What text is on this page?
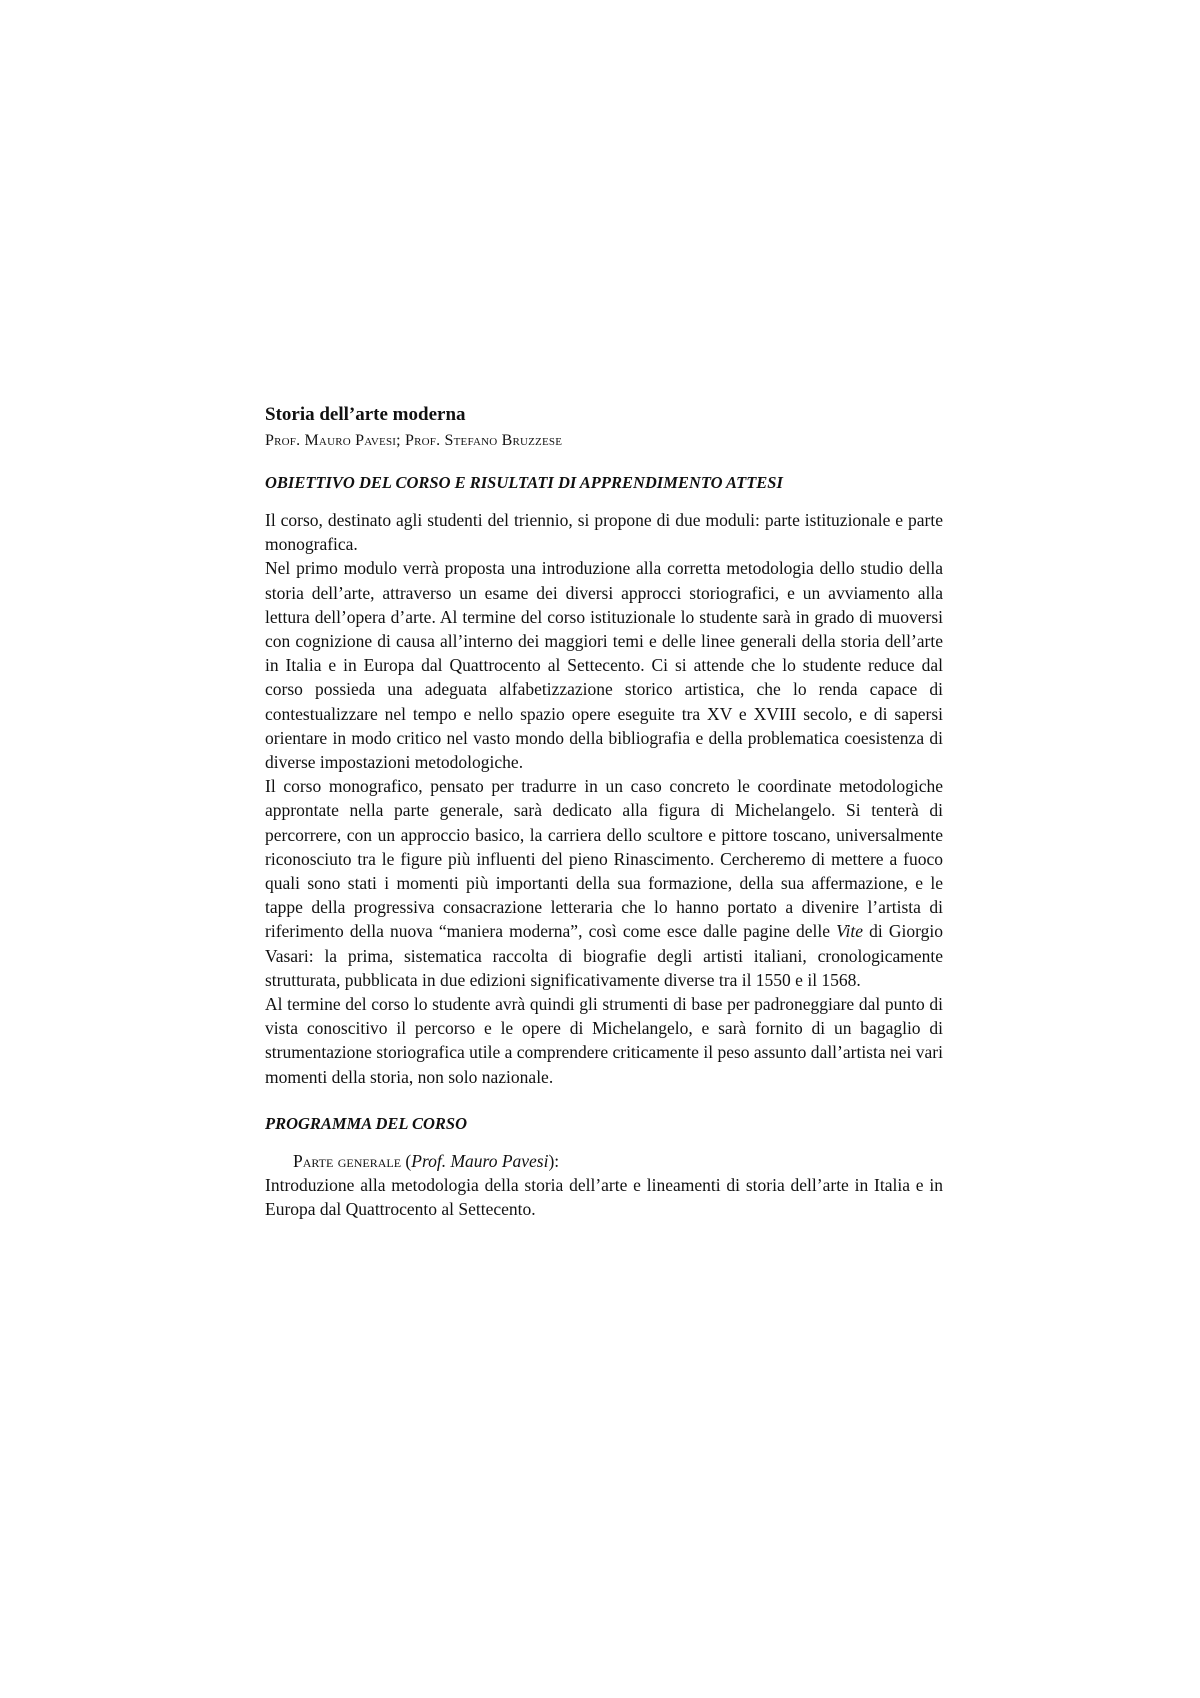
Storia dell’arte moderna

Prof. Mauro Pavesi; Prof. Stefano Bruzzese

OBIETTIVO DEL CORSO E RISULTATI DI APPRENDIMENTO ATTESI

Il corso, destinato agli studenti del triennio, si propone di due moduli: parte istituzionale e parte monografica.

Nel primo modulo verrà proposta una introduzione alla corretta metodologia dello studio della storia dell’arte, attraverso un esame dei diversi approcci storiografici, e un avviamento alla lettura dell’opera d’arte. Al termine del corso istituzionale lo studente sarà in grado di muoversi con cognizione di causa all’interno dei maggiori temi e delle linee generali della storia dell’arte in Italia e in Europa dal Quattrocento al Settecento. Ci si attende che lo studente reduce dal corso possieda una adeguata alfabetizzazione storico artistica, che lo renda capace di contestualizzare nel tempo e nello spazio opere eseguite tra XV e XVIII secolo, e di sapersi orientare in modo critico nel vasto mondo della bibliografia e della problematica coesistenza di diverse impostazioni metodologiche.

Il corso monografico, pensato per tradurre in un caso concreto le coordinate metodologiche approntate nella parte generale, sarà dedicato alla figura di Michelangelo. Si tenterà di percorrere, con un approccio basico, la carriera dello scultore e pittore toscano, universalmente riconosciuto tra le figure più influenti del pieno Rinascimento. Cercheremo di mettere a fuoco quali sono stati i momenti più importanti della sua formazione, della sua affermazione, e le tappe della progressiva consacrazione letteraria che lo hanno portato a divenire l’artista di riferimento della nuova “maniera moderna”, così come esce dalle pagine delle Vite di Giorgio Vasari: la prima, sistematica raccolta di biografie degli artisti italiani, cronologicamente strutturata, pubblicata in due edizioni significativamente diverse tra il 1550 e il 1568.

Al termine del corso lo studente avrà quindi gli strumenti di base per padroneggiare dal punto di vista conoscitivo il percorso e le opere di Michelangelo, e sarà fornito di un bagaglio di strumentazione storiografica utile a comprendere criticamente il peso assunto dall’artista nei vari momenti della storia, non solo nazionale.

PROGRAMMA DEL CORSO

Parte generale (Prof. Mauro Pavesi):

Introduzione alla metodologia della storia dell’arte e lineamenti di storia dell’arte in Italia e in Europa dal Quattrocento al Settecento.
